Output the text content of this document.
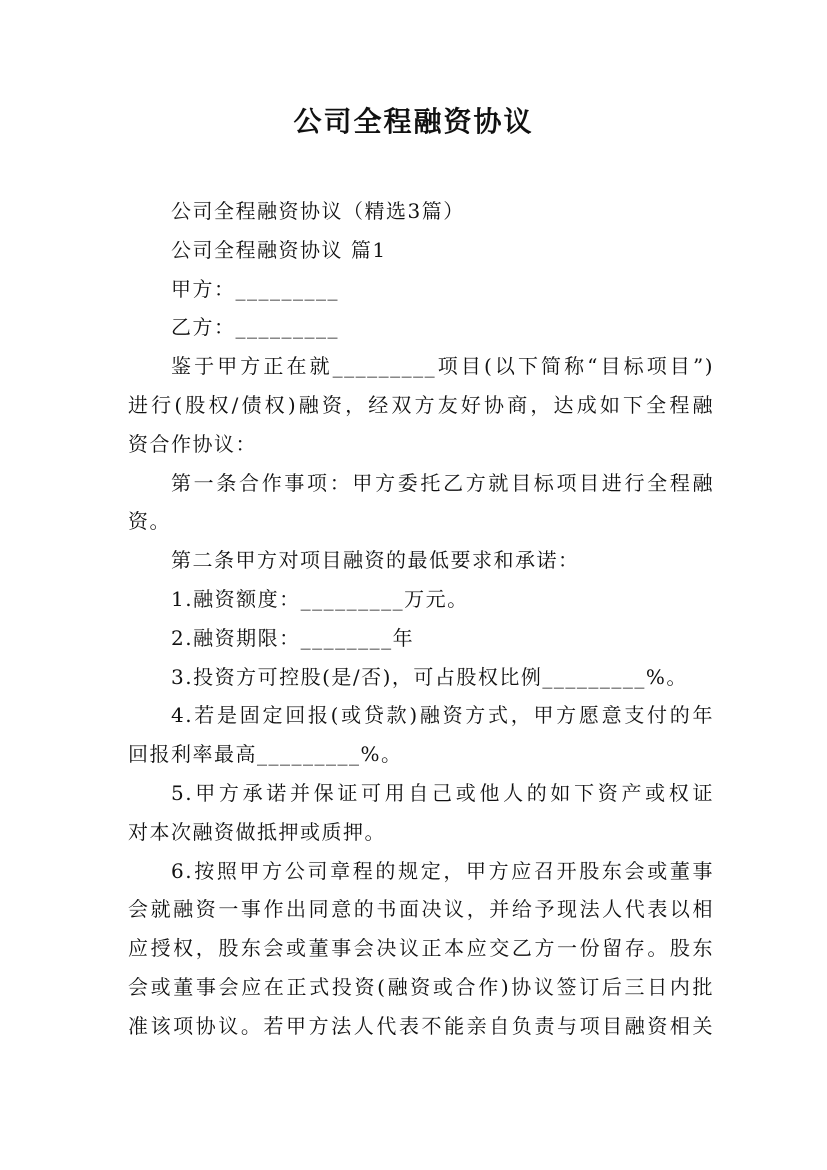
公司全程融资协议
公司全程融资协议（精选3篇）
公司全程融资协议 篇1
甲方：_________
乙方：_________
鉴于甲方正在就_________项目(以下简称“目标项目”)
进行(股权/债权)融资，经双方友好协商，达成如下全程融
资合作协议：
第一条合作事项：甲方委托乙方就目标项目进行全程融
资。
第二条甲方对项目融资的最低要求和承诺：
1.融资额度：_________万元。
2.融资期限：________年
3.投资方可控股(是/否)，可占股权比例_________%。
4.若是固定回报(或贷款)融资方式，甲方愿意支付的年
回报利率最高_________%。
5.甲方承诺并保证可用自己或他人的如下资产或权证
对本次融资做抵押或质押。
6.按照甲方公司章程的规定，甲方应召开股东会或董事
会就融资一事作出同意的书面决议，并给予现法人代表以相
应授权，股东会或董事会决议正本应交乙方一份留存。股东
会或董事会应在正式投资(融资或合作)协议签订后三日内批
准该项协议。若甲方法人代表不能亲自负责与项目融资相关
